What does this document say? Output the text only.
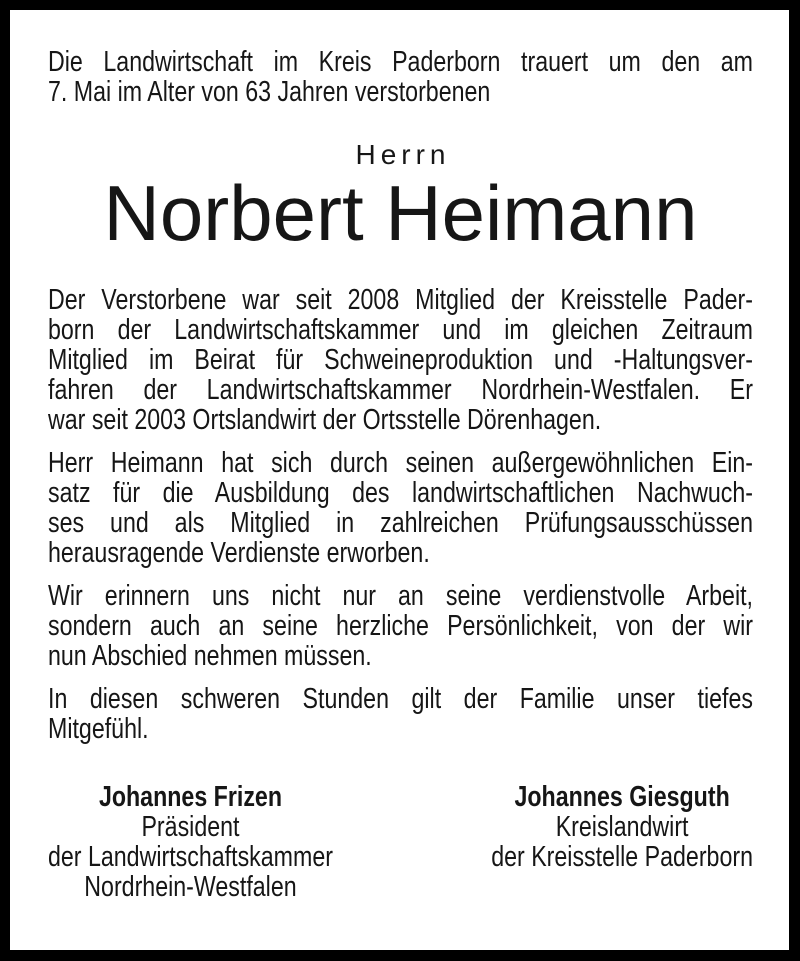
Die Landwirtschaft im Kreis Paderborn trauert um den am
7. Mai im Alter von 63 Jahren verstorbenen
Herrn
Norbert Heimann
Der Verstorbene war seit 2008 Mitglied der Kreisstelle Pader-
born der Landwirtschaftskammer und im gleichen Zeitraum
Mitglied im Beirat für Schweineproduktion und -Haltungsver-
fahren der Landwirtschaftskammer Nordrhein-Westfalen. Er
war seit 2003 Ortslandwirt der Ortsstelle Dörenhagen.
Herr Heimann hat sich durch seinen außergewöhnlichen Ein-
satz für die Ausbildung des landwirtschaftlichen Nachwuch-
ses und als Mitglied in zahlreichen Prüfungsausschüssen
herausragende Verdienste erworben.
Wir erinnern uns nicht nur an seine verdienstvolle Arbeit,
sondern auch an seine herzliche Persönlichkeit, von der wir
nun Abschied nehmen müssen.
In diesen schweren Stunden gilt der Familie unser tiefes
Mitgefühl.
Johannes Frizen
Präsident
der Landwirtschaftskammer
Nordrhein-Westfalen
Johannes Giesguth
Kreislandwirt
der Kreisstelle Paderborn
